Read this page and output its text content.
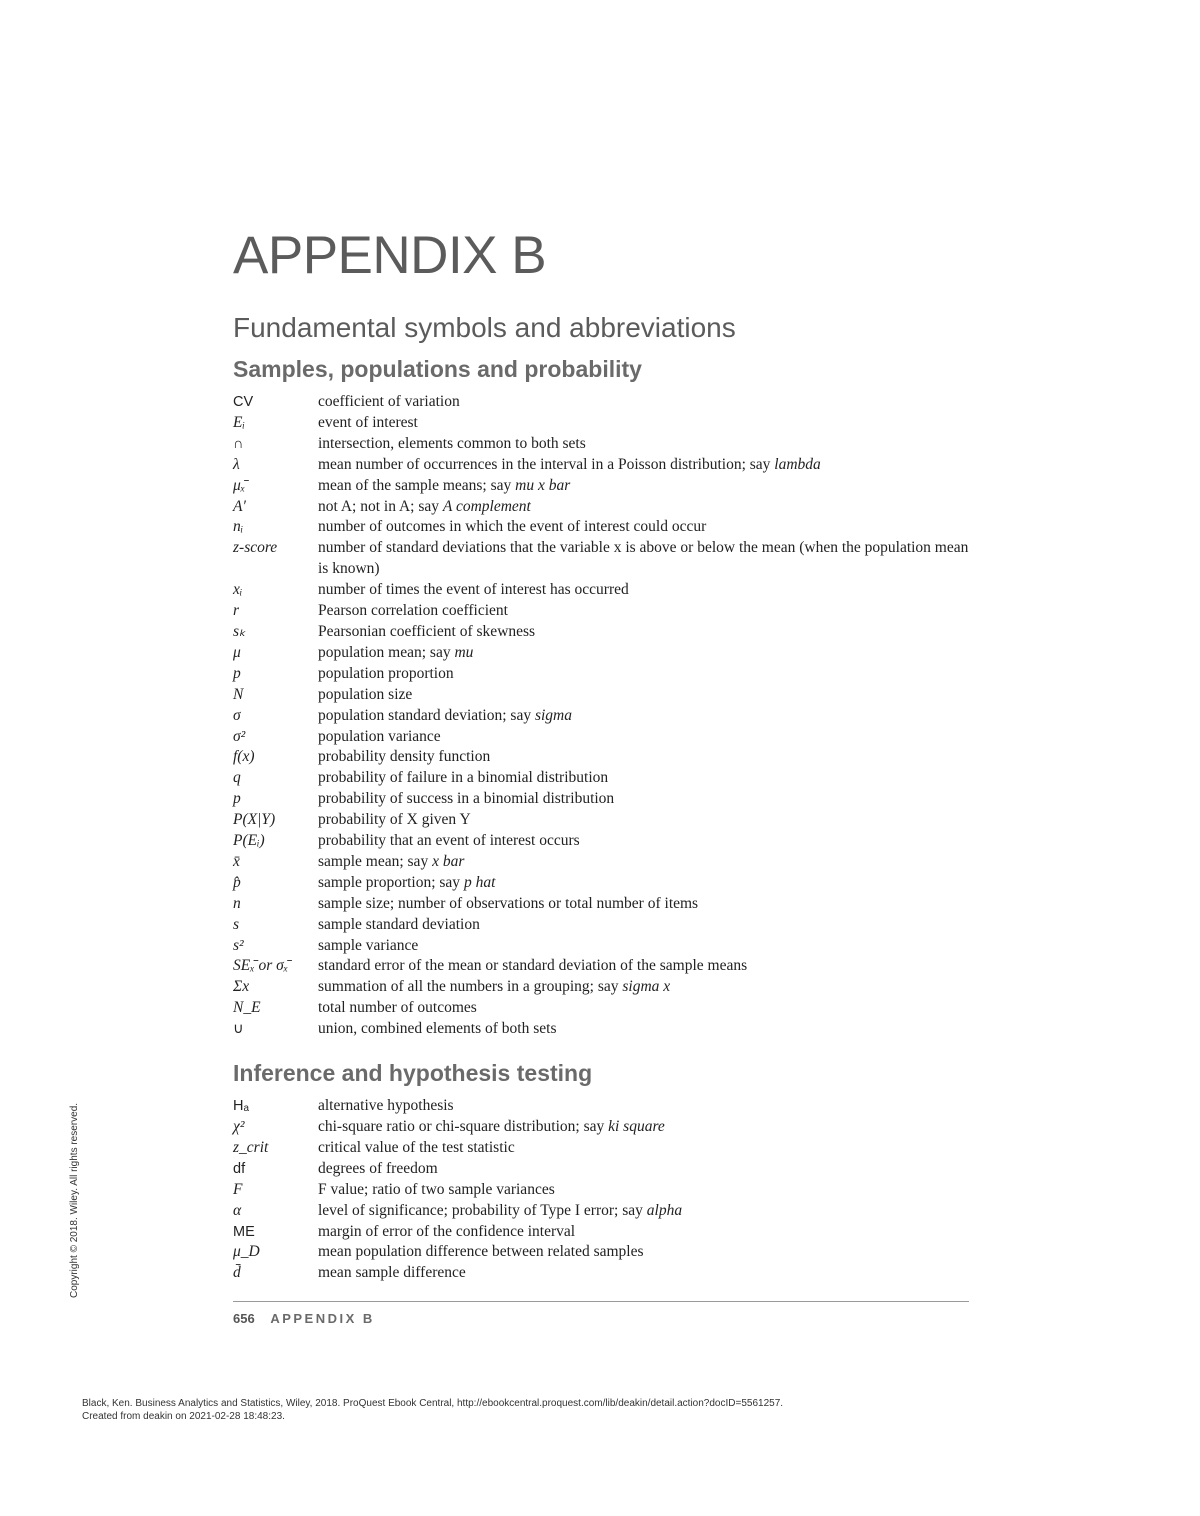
APPENDIX B
Fundamental symbols and abbreviations
Samples, populations and probability
CV	coefficient of variation
Eᵢ	event of interest
∩	intersection, elements common to both sets
λ	mean number of occurrences in the interval in a Poisson distribution; say lambda
μₓ̄	mean of the sample means; say mu x bar
A′	not A; not in A; say A complement
nᵢ	number of outcomes in which the event of interest could occur
z-score	number of standard deviations that the variable x is above or below the mean (when the population mean is known)
xᵢ	number of times the event of interest has occurred
r	Pearson correlation coefficient
sₖ	Pearsonian coefficient of skewness
μ	population mean; say mu
p	population proportion
N	population size
σ	population standard deviation; say sigma
σ²	population variance
f(x)	probability density function
q	probability of failure in a binomial distribution
p	probability of success in a binomial distribution
P(X|Y)	probability of X given Y
P(Eᵢ)	probability that an event of interest occurs
x̄	sample mean; say x bar
p̂	sample proportion; say p hat
n	sample size; number of observations or total number of items
s	sample standard deviation
s²	sample variance
SEₓ̄ or σₓ̄	standard error of the mean or standard deviation of the sample means
Σx	summation of all the numbers in a grouping; say sigma x
N_E	total number of outcomes
∪	union, combined elements of both sets
Inference and hypothesis testing
Hₐ	alternative hypothesis
χ²	chi-square ratio or chi-square distribution; say ki square
z_crit	critical value of the test statistic
df	degrees of freedom
F	F value; ratio of two sample variances
α	level of significance; probability of Type I error; say alpha
ME	margin of error of the confidence interval
μ_D	mean population difference between related samples
d̄	mean sample difference
656 APPENDIX B
Copyright © 2018. Wiley. All rights reserved.
Black, Ken. Business Analytics and Statistics, Wiley, 2018. ProQuest Ebook Central, http://ebookcentral.proquest.com/lib/deakin/detail.action?docID=5561257.
Created from deakin on 2021-02-28 18:48:23.
